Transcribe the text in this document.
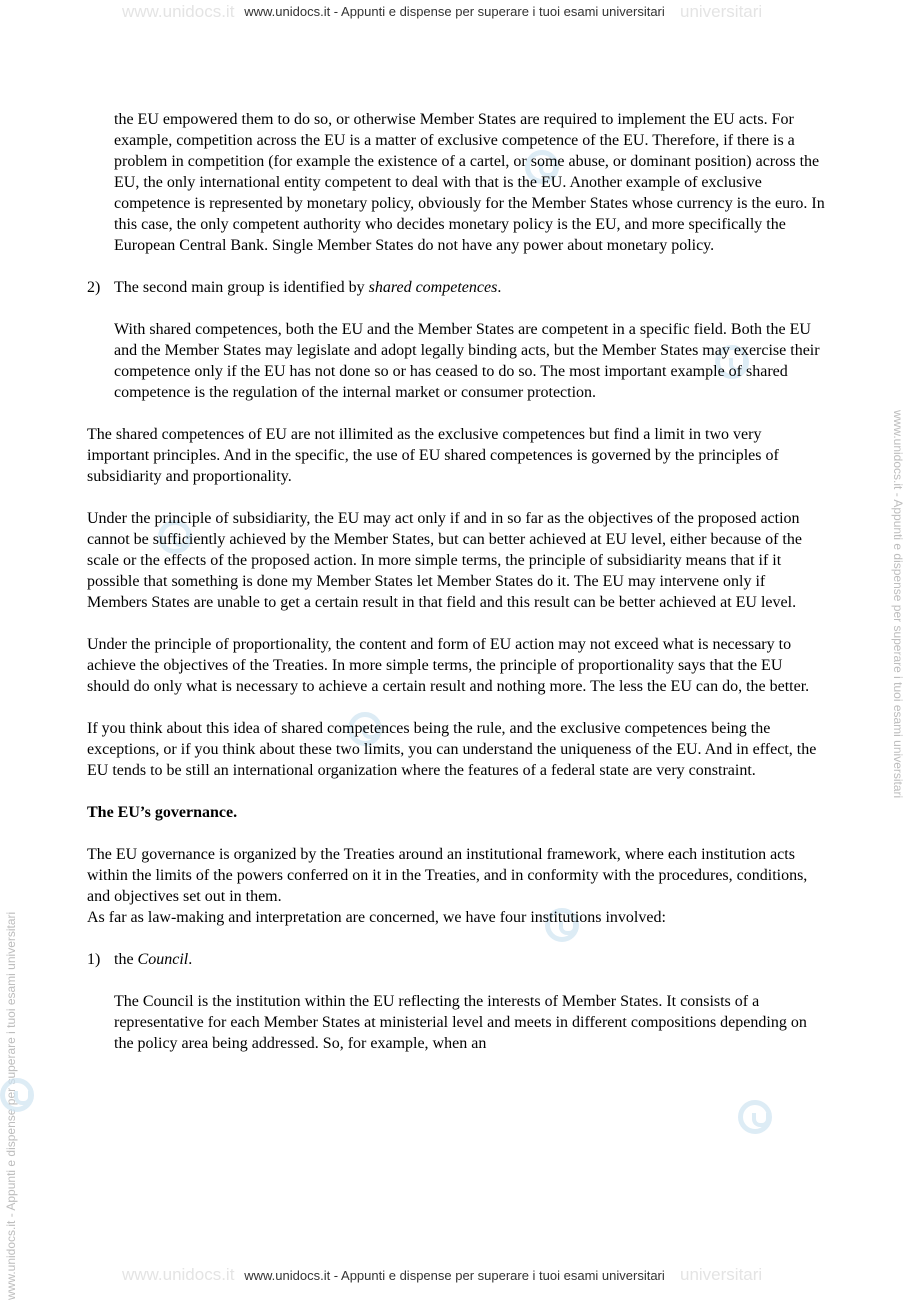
www.unidocs.it	universitari
www.unidocs.it	universitari
www.unidocs.it - Appunti e dispense per superare i tuoi esami universitari
www.unidocs.it - Appunti e dispense per superare i tuoi esami universitari
www.unidocs.it - Appunti e dispense per superare i tuoi esami universitari
www.unidocs.it - Appunti e dispense per superare i tuoi esami universitari

the EU empowered them to do so, or otherwise Member States are required to implement the EU acts. For example, competition across the EU is a matter of exclusive competence of the EU. Therefore, if there is a problem in competition (for example the existence of a cartel, or some abuse, or dominant position) across the EU, the only international entity competent to deal with that is the EU. Another example of exclusive competence is represented by monetary policy, obviously for the Member States whose currency is the euro. In this case, the only competent authority who decides monetary policy is the EU, and more specifically the European Central Bank. Single Member States do not have any power about monetary policy.

2) The second main group is identified by shared competences.

With shared competences, both the EU and the Member States are competent in a specific field. Both the EU and the Member States may legislate and adopt legally binding acts, but the Member States may exercise their competence only if the EU has not done so or has ceased to do so. The most important example of shared competence is the regulation of the internal market or consumer protection.

The shared competences of EU are not illimited as the exclusive competences but find a limit in two very important principles. And in the specific, the use of EU shared competences is governed by the principles of subsidiarity and proportionality.

Under the principle of subsidiarity, the EU may act only if and in so far as the objectives of the proposed action cannot be sufficiently achieved by the Member States, but can better achieved at EU level, either because of the scale or the effects of the proposed action. In more simple terms, the principle of subsidiarity means that if it possible that something is done my Member States let Member States do it. The EU may intervene only if Members States are unable to get a certain result in that field and this result can be better achieved at EU level.

Under the principle of proportionality, the content and form of EU action may not exceed what is necessary to achieve the objectives of the Treaties. In more simple terms, the principle of proportionality says that the EU should do only what is necessary to achieve a certain result and nothing more. The less the EU can do, the better.

If you think about this idea of shared competences being the rule, and the exclusive competences being the exceptions, or if you think about these two limits, you can understand the uniqueness of the EU. And in effect, the EU tends to be still an international organization where the features of a federal state are very constraint.

The EU’s governance.

The EU governance is organized by the Treaties around an institutional framework, where each institution acts within the limits of the powers conferred on it in the Treaties, and in conformity with the procedures, conditions, and objectives set out in them.

As far as law-making and interpretation are concerned, we have four institutions involved:

1) the Council.

The Council is the institution within the EU reflecting the interests of Member States. It consists of a representative for each Member States at ministerial level and meets in different compositions depending on the policy area being addressed. So, for example, when an
